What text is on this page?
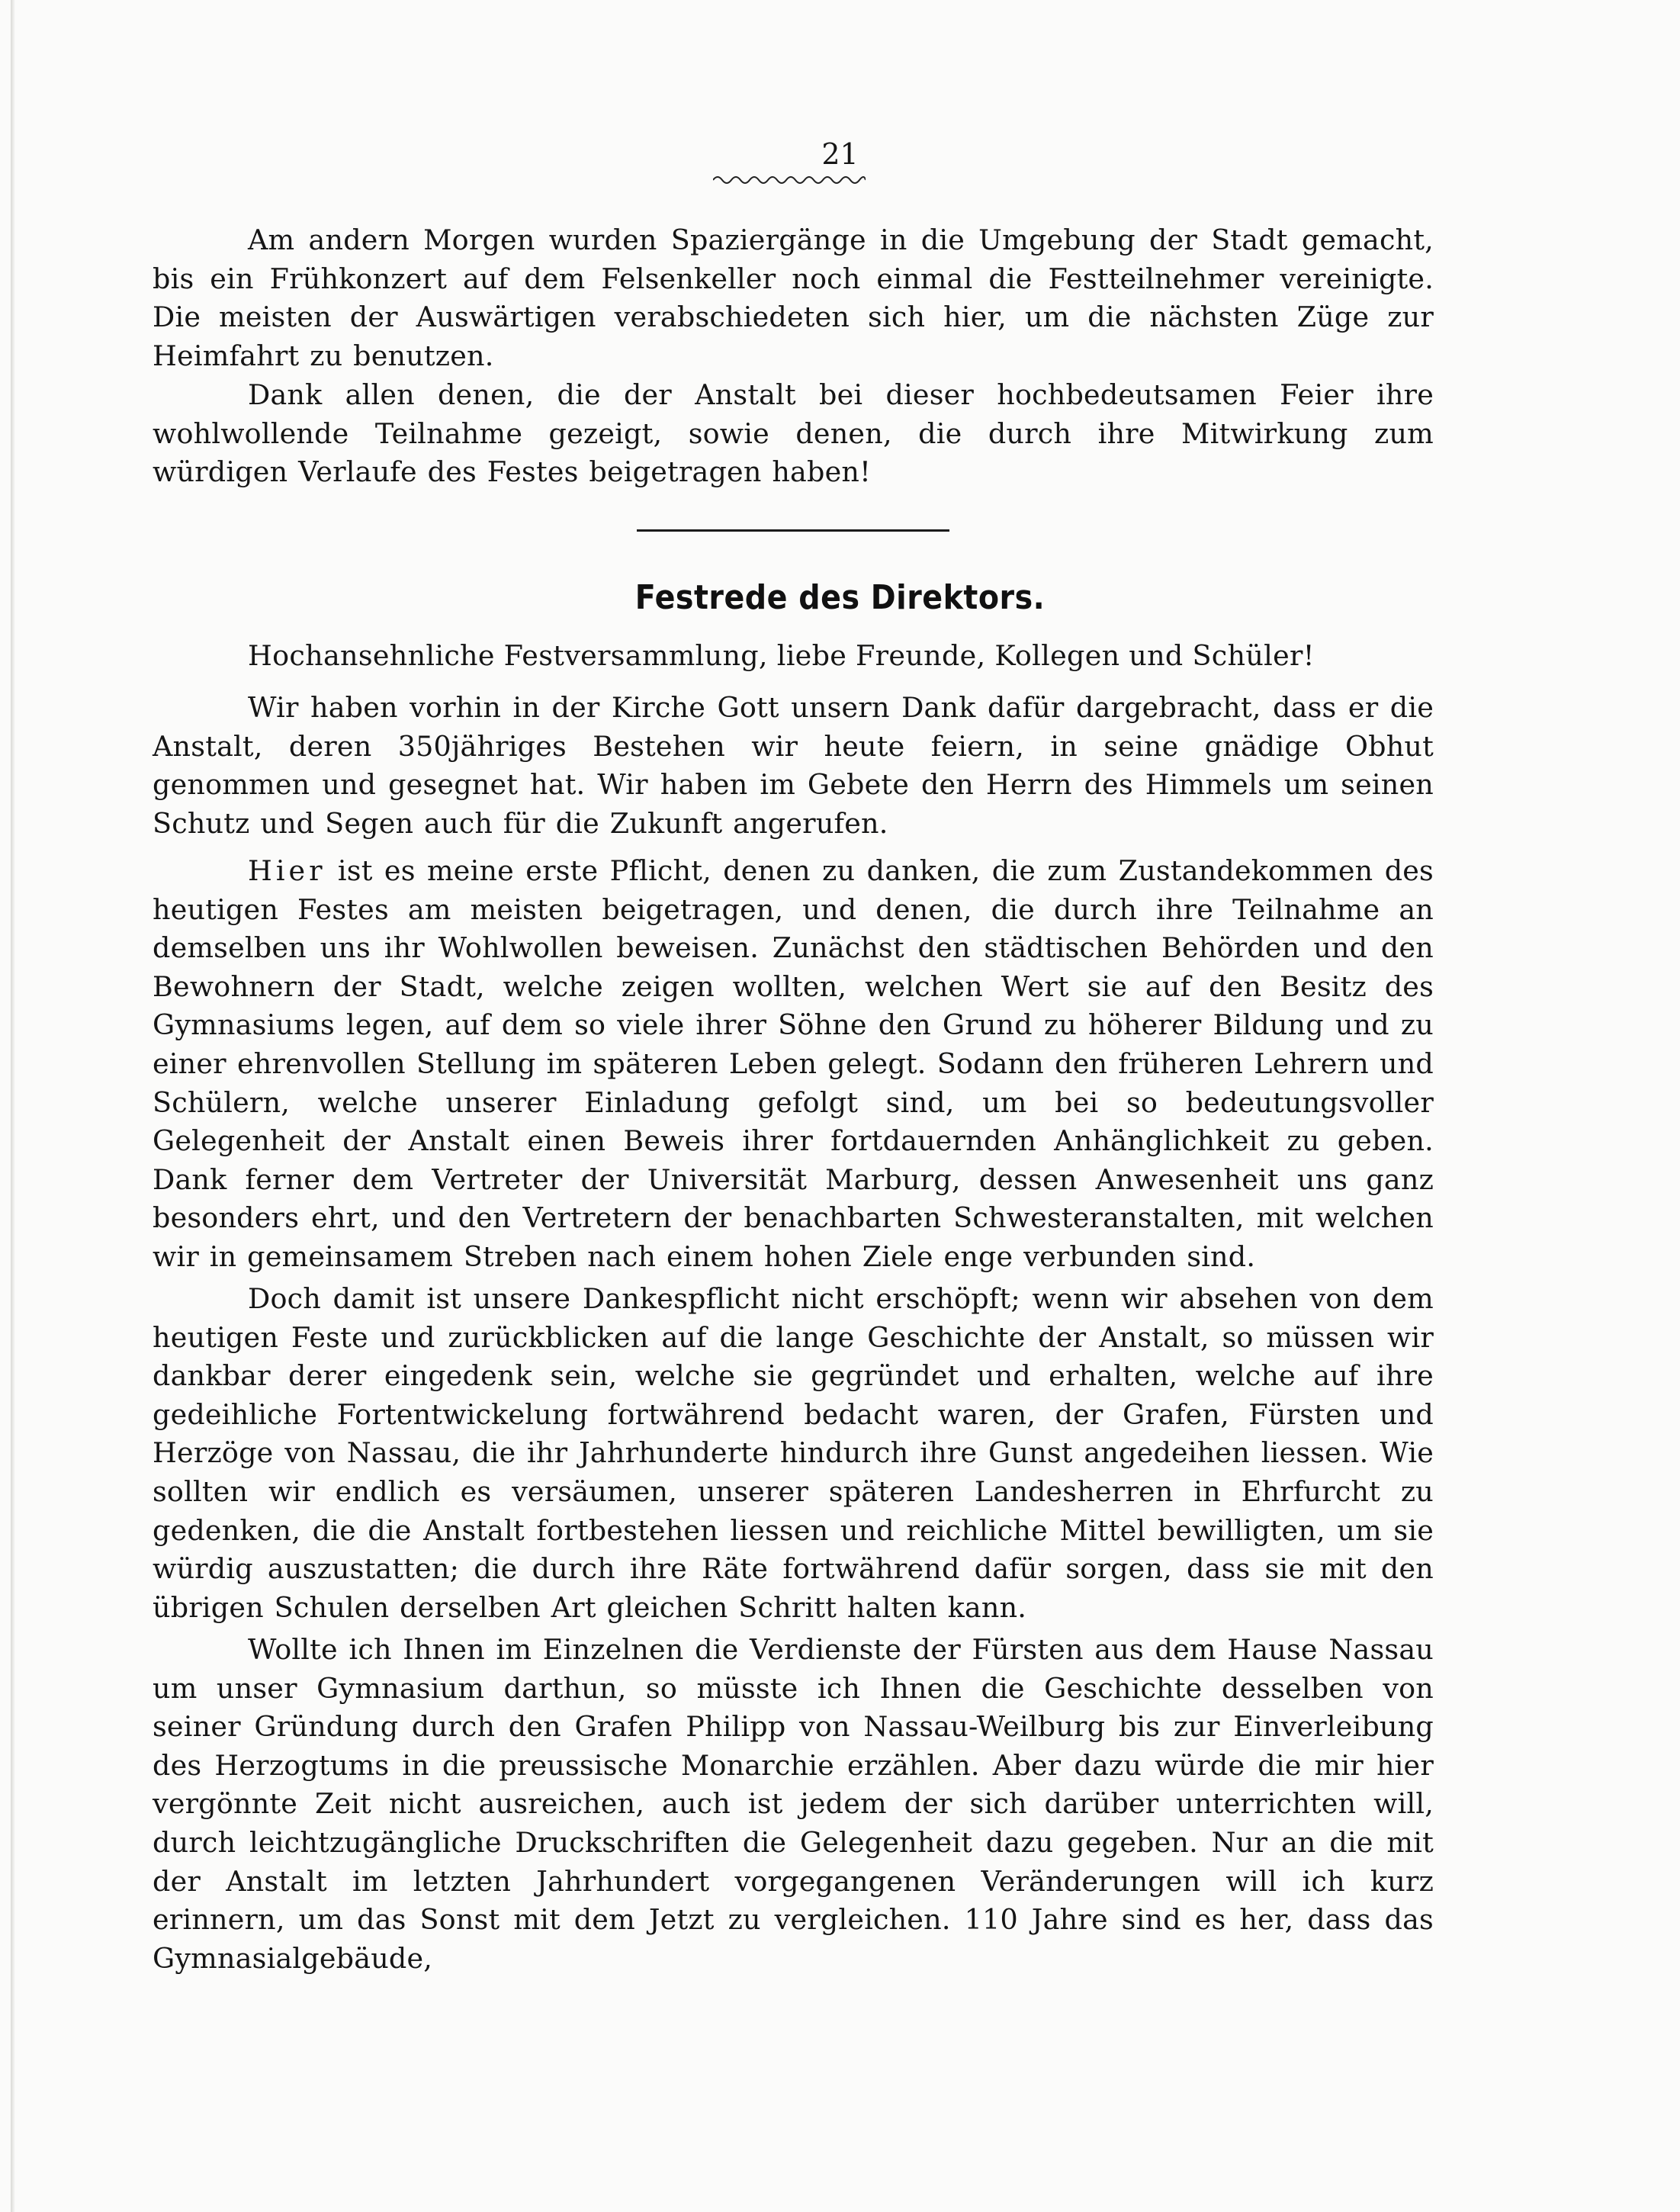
21

Am andern Morgen wurden Spaziergänge in die Umgebung der Stadt gemacht, bis ein Frühkonzert auf dem Felsenkeller noch einmal die Festteilnehmer vereinigte. Die meisten der Auswärtigen verabschiedeten sich hier, um die nächsten Züge zur Heimfahrt zu benutzen.

Dank allen denen, die der Anstalt bei dieser hochbedeutsamen Feier ihre wohlwollende Teilnahme gezeigt, sowie denen, die durch ihre Mitwirkung zum würdigen Verlaufe des Festes beigetragen haben!

Festrede des Direktors.
Hochansehnliche Festversammlung, liebe Freunde, Kollegen und Schüler!

Wir haben vorhin in der Kirche Gott unsern Dank dafür dargebracht, dass er die Anstalt, deren 350jähriges Bestehen wir heute feiern, in seine gnädige Obhut genommen und gesegnet hat. Wir haben im Gebete den Herrn des Himmels um seinen Schutz und Segen auch für die Zukunft angerufen.

Hier ist es meine erste Pflicht, denen zu danken, die zum Zustandekommen des heutigen Festes am meisten beigetragen, und denen, die durch ihre Teilnahme an demselben uns ihr Wohlwollen beweisen. Zunächst den städtischen Behörden und den Bewohnern der Stadt, welche zeigen wollten, welchen Wert sie auf den Besitz des Gymnasiums legen, auf dem so viele ihrer Söhne den Grund zu höherer Bildung und zu einer ehrenvollen Stellung im späteren Leben gelegt. Sodann den früheren Lehrern und Schülern, welche unserer Einladung gefolgt sind, um bei so bedeutungsvoller Gelegenheit der Anstalt einen Beweis ihrer fortdauernden Anhänglichkeit zu geben. Dank ferner dem Vertreter der Universität Marburg, dessen Anwesenheit uns ganz besonders ehrt, und den Vertretern der benachbarten Schwesteranstalten, mit welchen wir in gemeinsamem Streben nach einem hohen Ziele enge verbunden sind.

Doch damit ist unsere Dankespflicht nicht erschöpft; wenn wir absehen von dem heutigen Feste und zurückblicken auf die lange Geschichte der Anstalt, so müssen wir dankbar derer eingedenk sein, welche sie gegründet und erhalten, welche auf ihre gedeihliche Fortentwickelung fortwährend bedacht waren, der Grafen, Fürsten und Herzöge von Nassau, die ihr Jahrhunderte hindurch ihre Gunst angedeihen liessen. Wie sollten wir endlich es versäumen, unserer späteren Landesherren in Ehrfurcht zu gedenken, die die Anstalt fortbestehen liessen und reichliche Mittel bewilligten, um sie würdig auszustatten; die durch ihre Räte fortwährend dafür sorgen, dass sie mit den übrigen Schulen derselben Art gleichen Schritt halten kann.

Wollte ich Ihnen im Einzelnen die Verdienste der Fürsten aus dem Hause Nassau um unser Gymnasium darthun, so müsste ich Ihnen die Geschichte desselben von seiner Gründung durch den Grafen Philipp von Nassau-Weilburg bis zur Einverleibung des Herzogtums in die preussische Monarchie erzählen. Aber dazu würde die mir hier vergönnte Zeit nicht ausreichen, auch ist jedem der sich darüber unterrichten will, durch leichtzugängliche Druckschriften die Gelegenheit dazu gegeben. Nur an die mit der Anstalt im letzten Jahrhundert vorgegangenen Veränderungen will ich kurz erinnern, um das Sonst mit dem Jetzt zu vergleichen. 110 Jahre sind es her, dass das Gymnasialgebäude,
